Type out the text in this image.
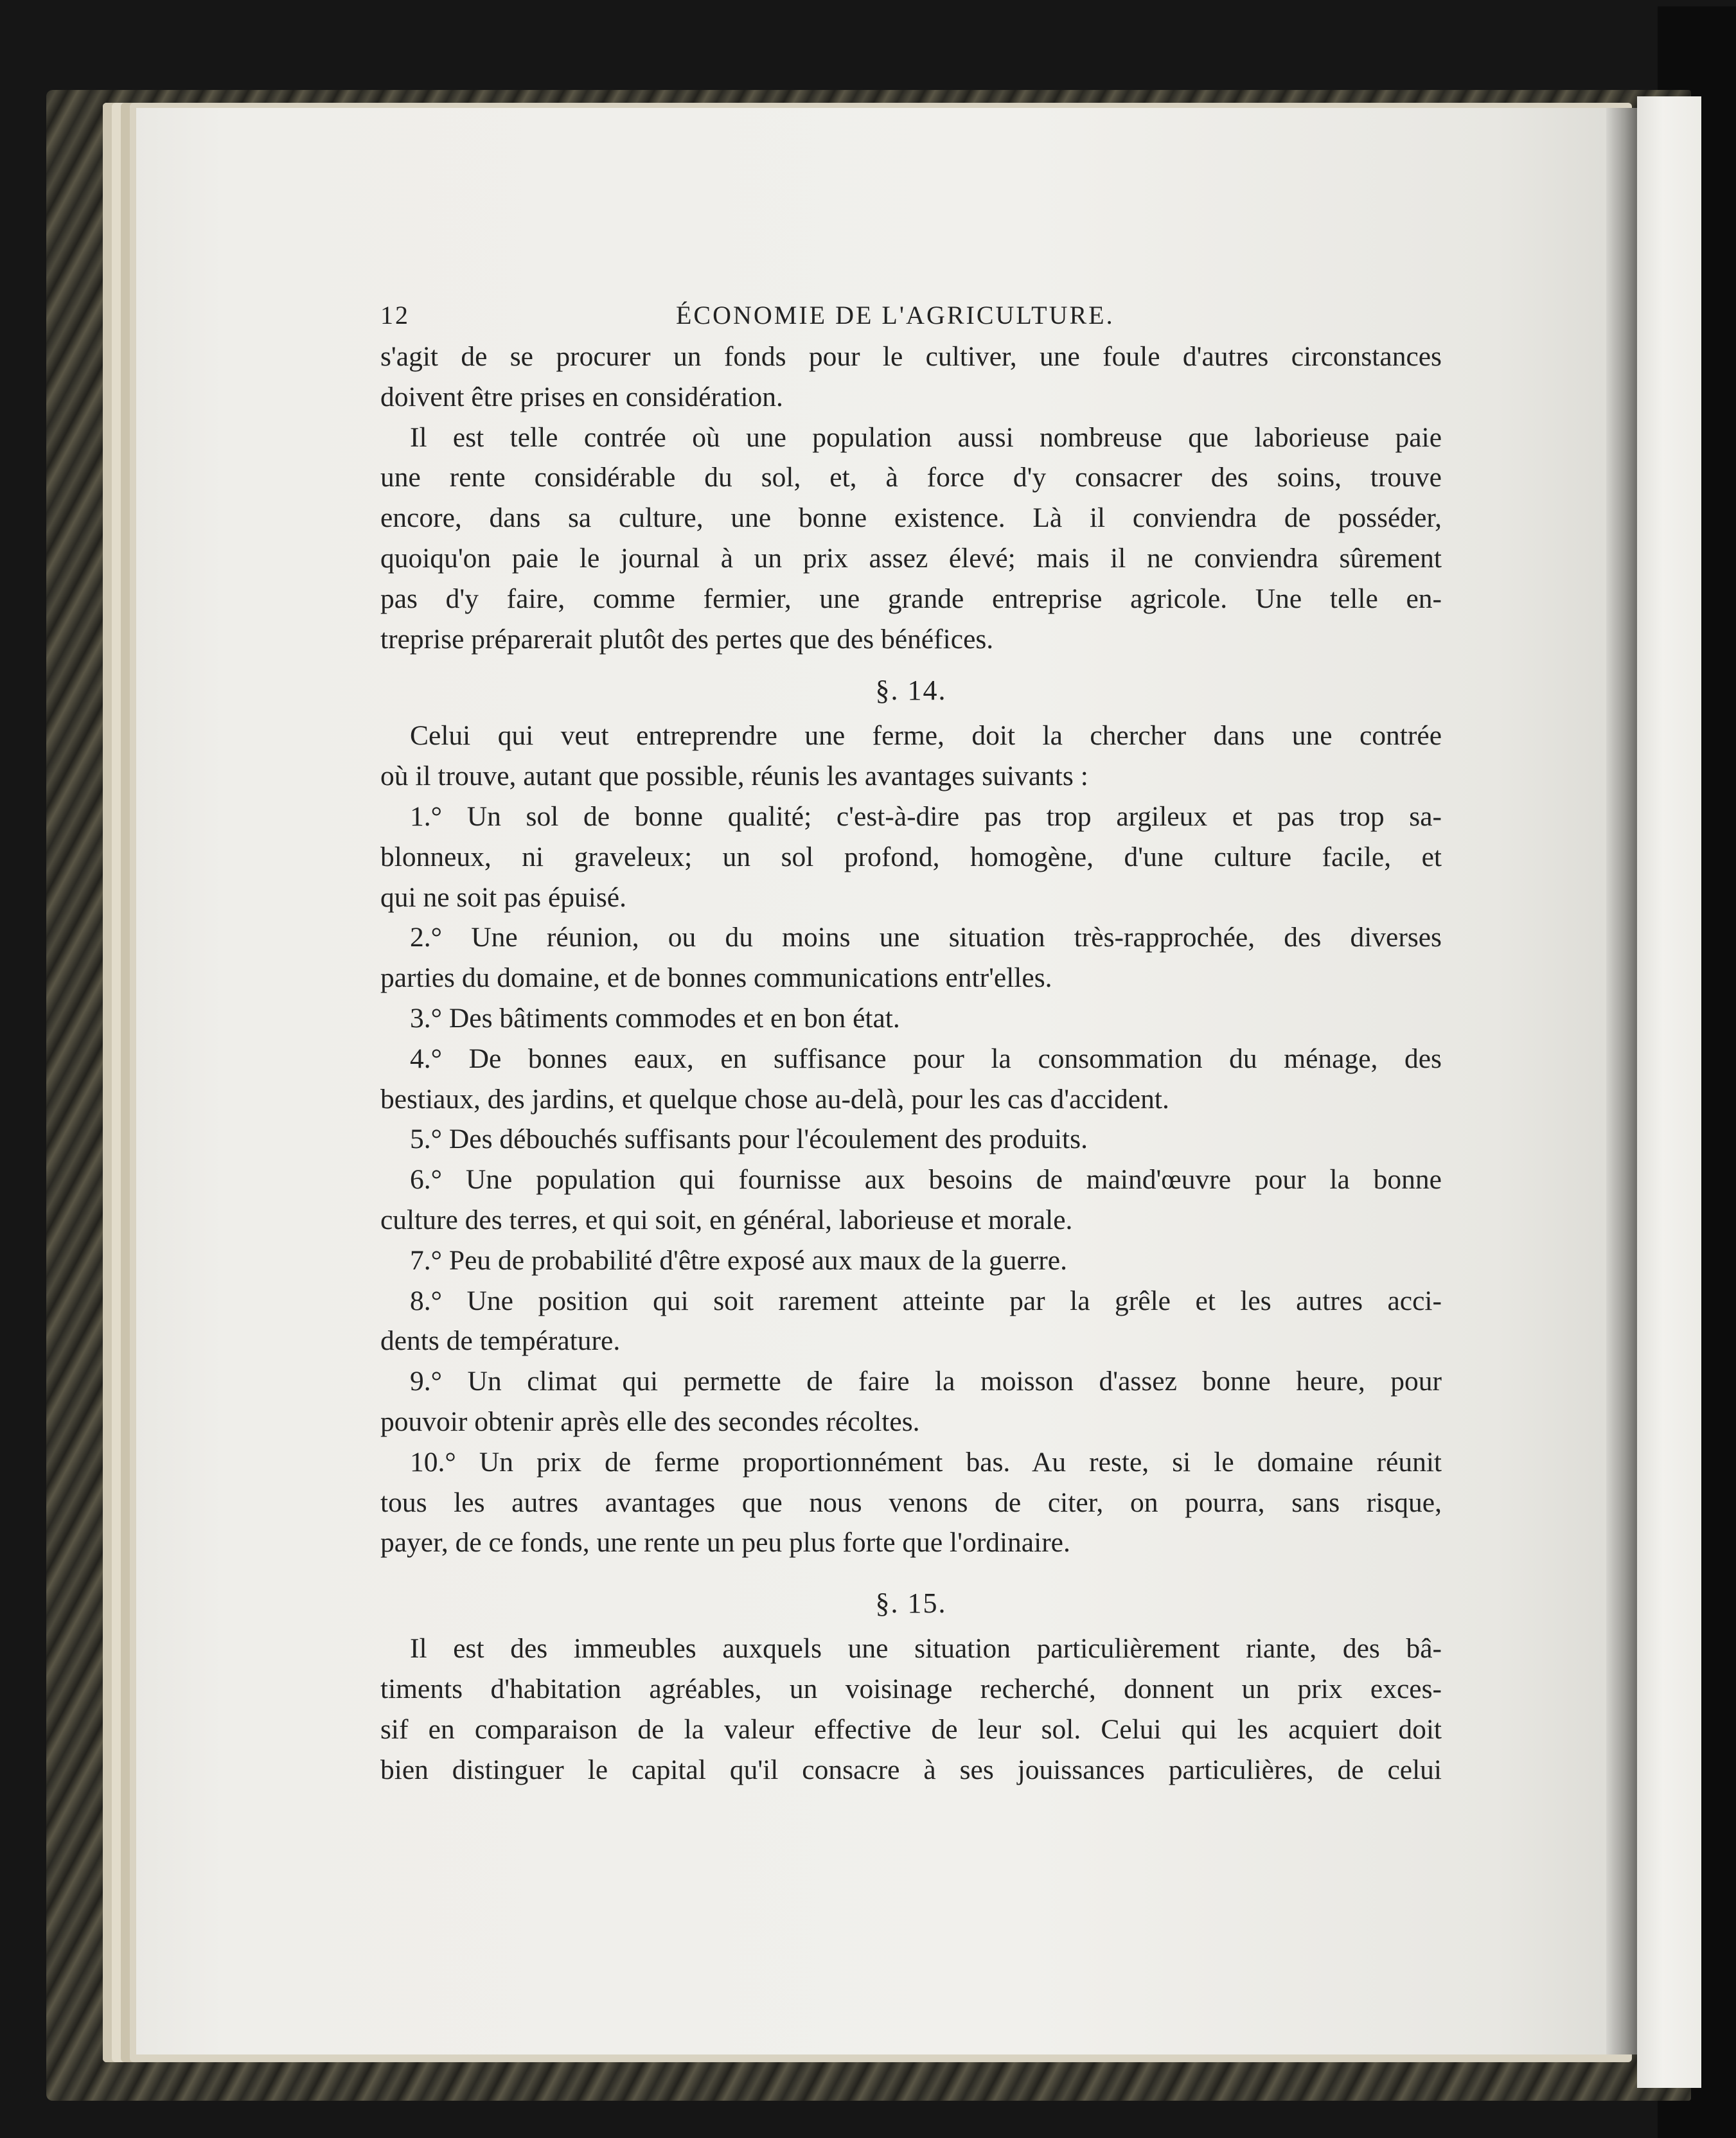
12	ÉCONOMIE DE L'AGRICULTURE.
s'agit de se procurer un fonds pour le cultiver, une foule d'autres circonstances
doivent être prises en considération.
Il est telle contrée où une population aussi nombreuse que laborieuse paie
une rente considérable du sol, et, à force d'y consacrer des soins, trouve
encore, dans sa culture, une bonne existence. Là il conviendra de posséder,
quoiqu'on paie le journal à un prix assez élevé; mais il ne conviendra sûrement
pas d'y faire, comme fermier, une grande entreprise agricole. Une telle en-
treprise préparerait plutôt des pertes que des bénéfices.
§. 14.
Celui qui veut entreprendre une ferme, doit la chercher dans une contrée
où il trouve, autant que possible, réunis les avantages suivants :
1.° Un sol de bonne qualité; c'est-à-dire pas trop argileux et pas trop sa-
blonneux, ni graveleux; un sol profond, homogène, d'une culture facile, et
qui ne soit pas épuisé.
2.° Une réunion, ou du moins une situation très-rapprochée, des diverses
parties du domaine, et de bonnes communications entr'elles.
3.° Des bâtiments commodes et en bon état.
4.° De bonnes eaux, en suffisance pour la consommation du ménage, des
bestiaux, des jardins, et quelque chose au-delà, pour les cas d'accident.
5.° Des débouchés suffisants pour l'écoulement des produits.
6.° Une population qui fournisse aux besoins de maind'œuvre pour la bonne
culture des terres, et qui soit, en général, laborieuse et morale.
7.° Peu de probabilité d'être exposé aux maux de la guerre.
8.° Une position qui soit rarement atteinte par la grêle et les autres acci-
dents de température.
9.° Un climat qui permette de faire la moisson d'assez bonne heure, pour
pouvoir obtenir après elle des secondes récoltes.
10.° Un prix de ferme proportionnément bas. Au reste, si le domaine réunit
tous les autres avantages que nous venons de citer, on pourra, sans risque,
payer, de ce fonds, une rente un peu plus forte que l'ordinaire.
§. 15.
Il est des immeubles auxquels une situation particulièrement riante, des bâ-
timents d'habitation agréables, un voisinage recherché, donnent un prix exces-
sif en comparaison de la valeur effective de leur sol. Celui qui les acquiert doit
bien distinguer le capital qu'il consacre à ses jouissances particulières, de celui
